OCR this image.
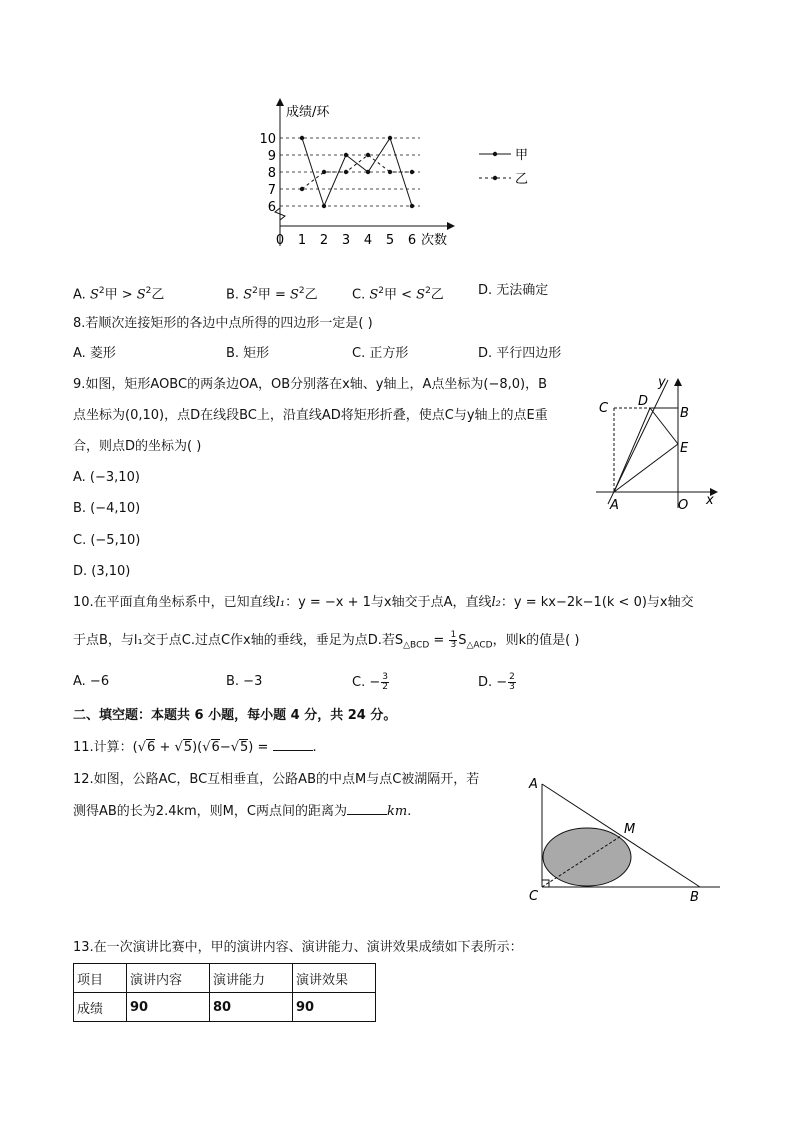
成绩/环
次数
10
9
8
7
6
0 1 2 3 4 5 6
甲
乙
A. $S^2$甲 > $S^2$乙	B. $S^2$甲 = $S^2$乙	C. $S^2$甲 < $S^2$乙	D. 无法确定
8.若顺次连接矩形的各边中点所得的四边形一定是( )
A. 菱形	B. 矩形	C. 正方形	D. 平行四边形
9.如图，矩形AOBC的两条边OA，OB分别落在x轴、y轴上，A点坐标为(−8,0)，B
点坐标为(0,10)，点D在线段BC上，沿直线AD将矩形折叠，使点C与y轴上的点E重
合，则点D的坐标为( )
A. (−3,10)
B. (−4,10)
C. (−5,10)
D. (3,10)
C D
B
E
A	O x
y
10.在平面直角坐标系中，已知直线l₁：y = −x + 1与x轴交于点A，直线l₂：y = kx−2k−1(k < 0)与x轴交
于点B，与l₁交于点C.过点C作x轴的垂线，垂足为点D.若$S_{\triangle BCD} = \frac{1}{3} S_{\triangle ACD}$，则k的值是( )
A. −6	B. −3	C. − $\frac{3}{2}$	D. − $\frac{2}{3}$
二、填空题：本题共 6 小题，每小题 4 分，共 24 分。
11.计算：(√6 + √5)(√6−√5) =	.
12.如图，公路AC，BC互相垂直，公路AB的中点M与点C被湖隔开，若
测得AB的长为2.4km，则M，C两点间的距离为	km.
A
M
C	B
13.在一次演讲比赛中，甲的演讲内容、演讲能力、演讲效果成绩如下表所示：
项目	演讲内容	演讲能力	演讲效果
成绩	90	80	90
